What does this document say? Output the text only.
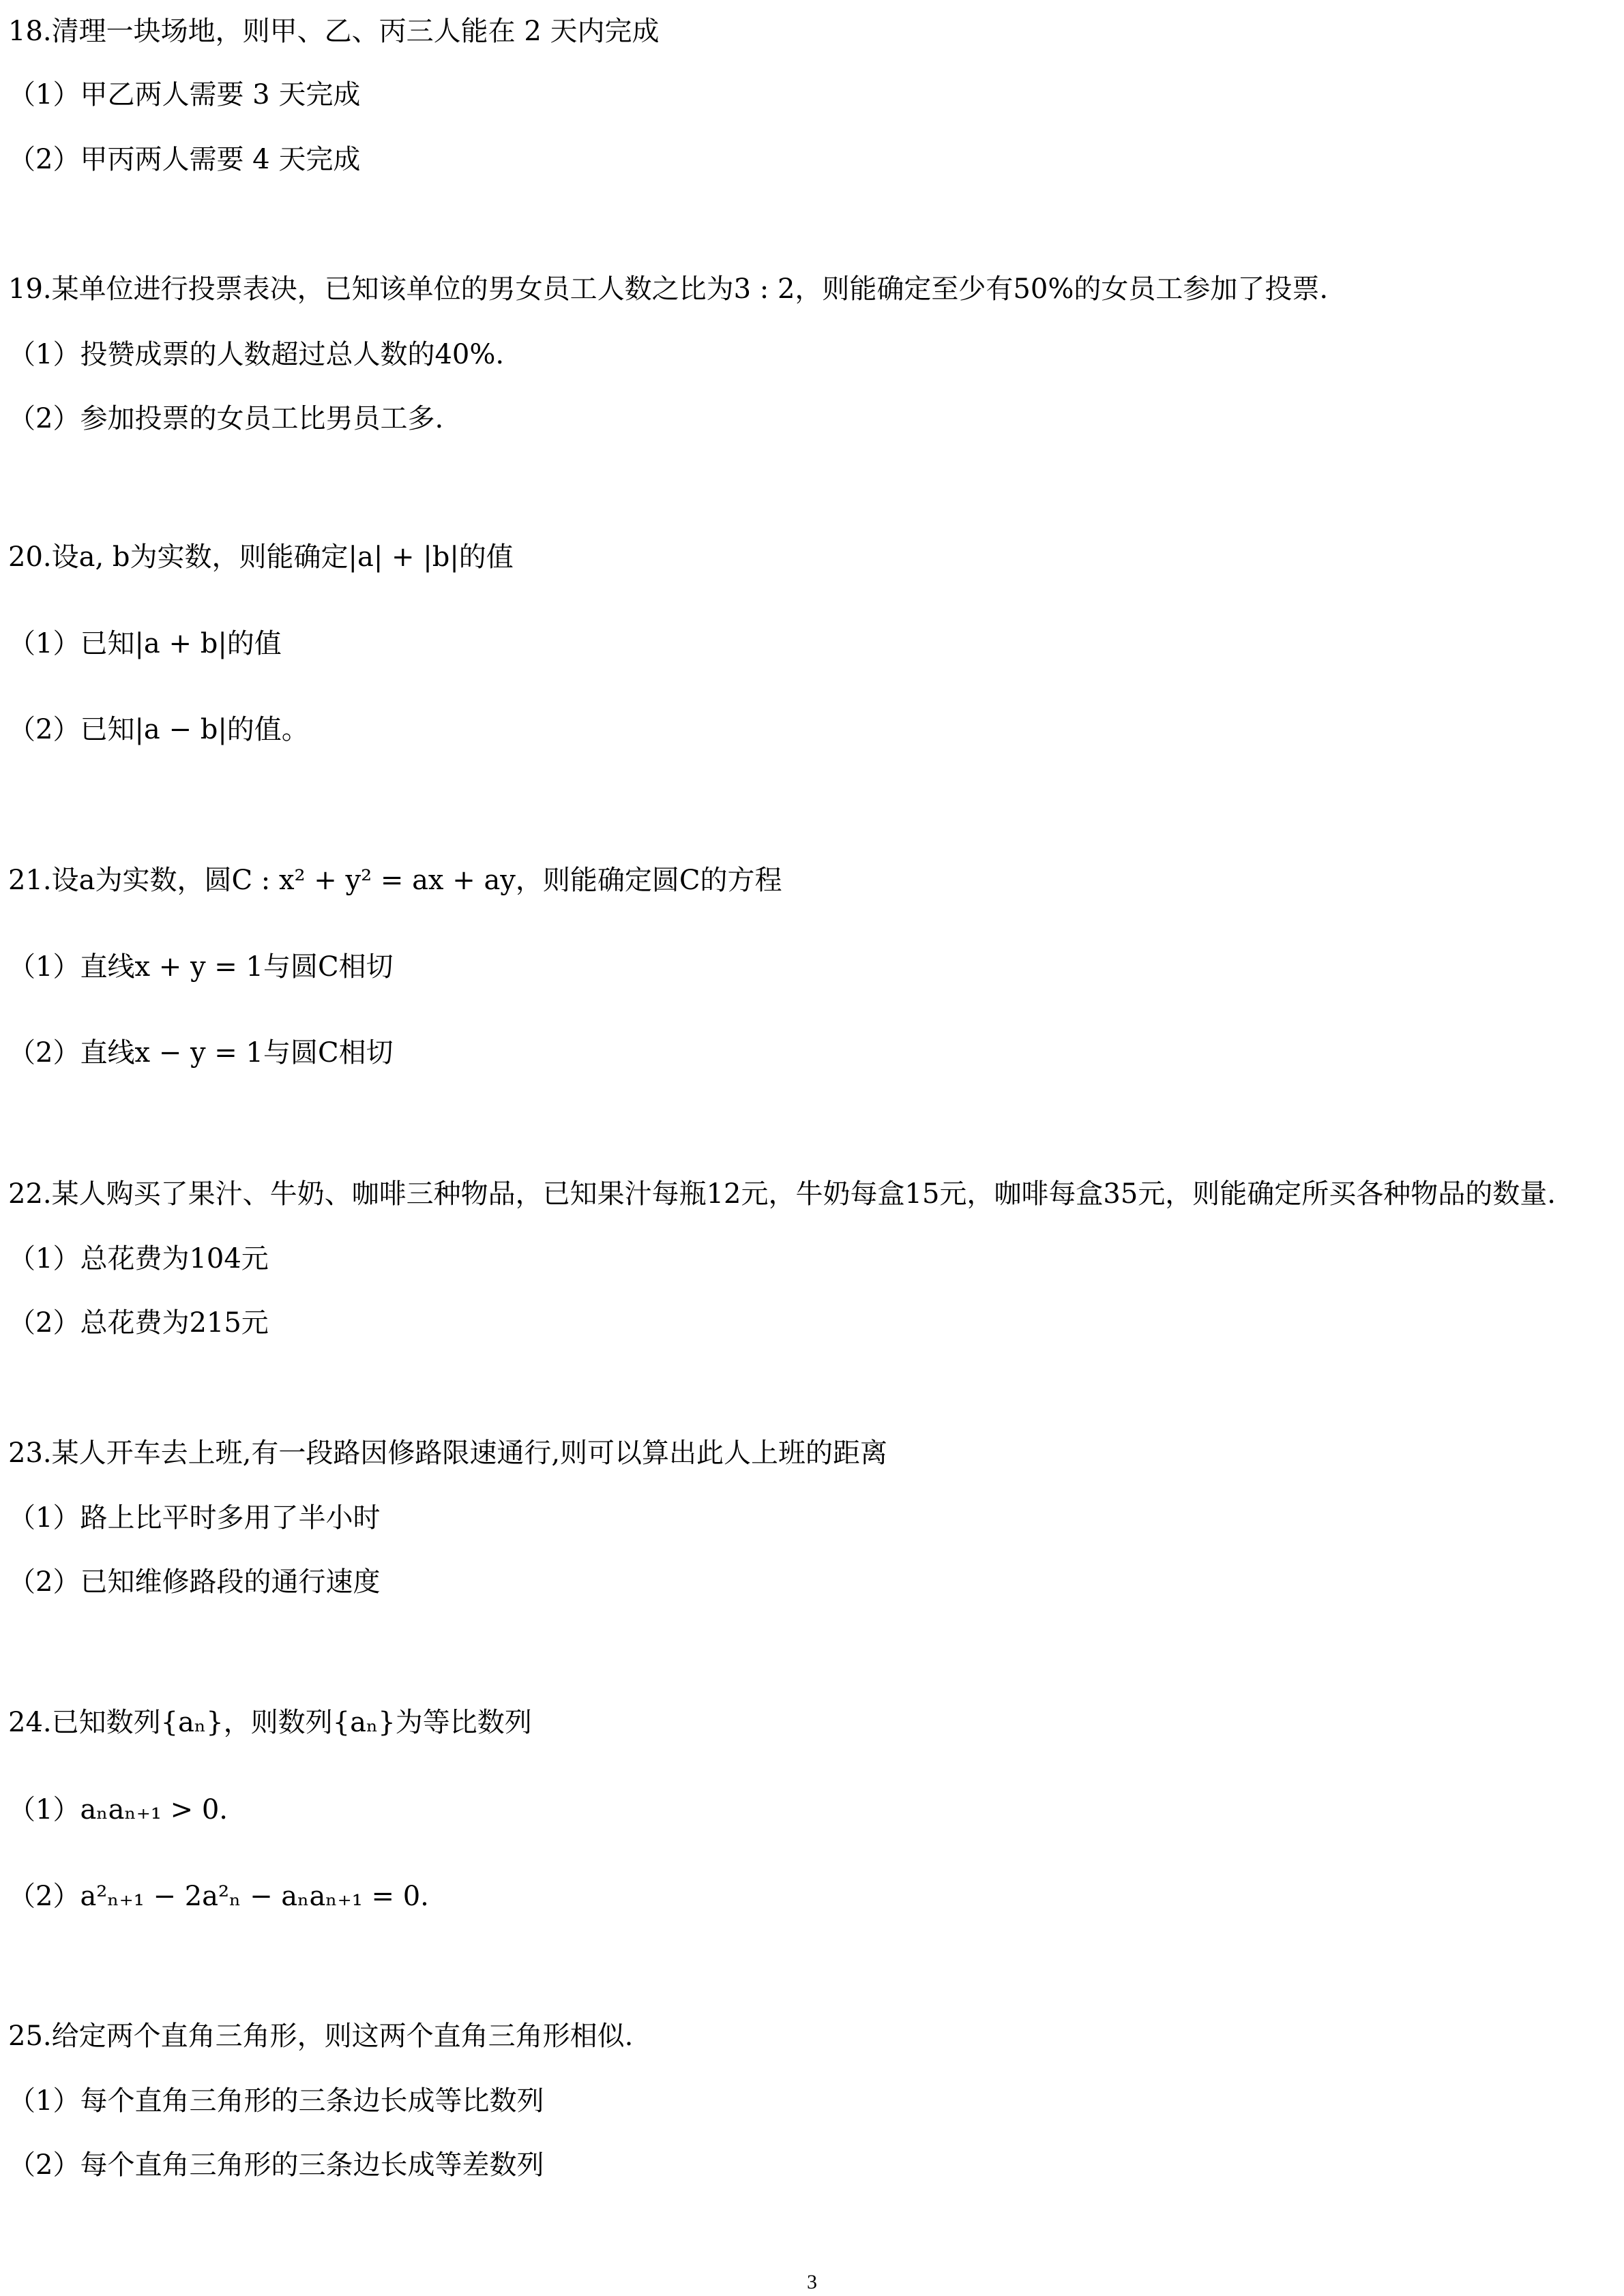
18.清理一块场地，则甲、乙、丙三人能在 2 天内完成
（1）甲乙两人需要 3 天完成
（2）甲丙两人需要 4 天完成
19.某单位进行投票表决，已知该单位的男女员工人数之比为3 : 2，则能确定至少有50%的女员工参加了投票.
（1）投赞成票的人数超过总人数的40%.
（2）参加投票的女员工比男员工多.
20.设a, b为实数，则能确定|a| + |b|的值
（1）已知|a + b|的值
（2）已知|a − b|的值。
21.设a为实数，圆C : x² + y² = ax + ay，则能确定圆C的方程
（1）直线x + y = 1与圆C相切
（2）直线x − y = 1与圆C相切
22.某人购买了果汁、牛奶、咖啡三种物品，已知果汁每瓶12元，牛奶每盒15元，咖啡每盒35元，则能确定所买各种物品的数量.
（1）总花费为104元
（2）总花费为215元
23.某人开车去上班,有一段路因修路限速通行,则可以算出此人上班的距离
（1）路上比平时多用了半小时
（2）已知维修路段的通行速度
24.已知数列{aₙ}，则数列{aₙ}为等比数列
（1）aₙaₙ₊₁ > 0.
（2）a²ₙ₊₁ − 2a²ₙ − aₙaₙ₊₁ = 0.
25.给定两个直角三角形，则这两个直角三角形相似.
（1）每个直角三角形的三条边长成等比数列
（2）每个直角三角形的三条边长成等差数列
3
